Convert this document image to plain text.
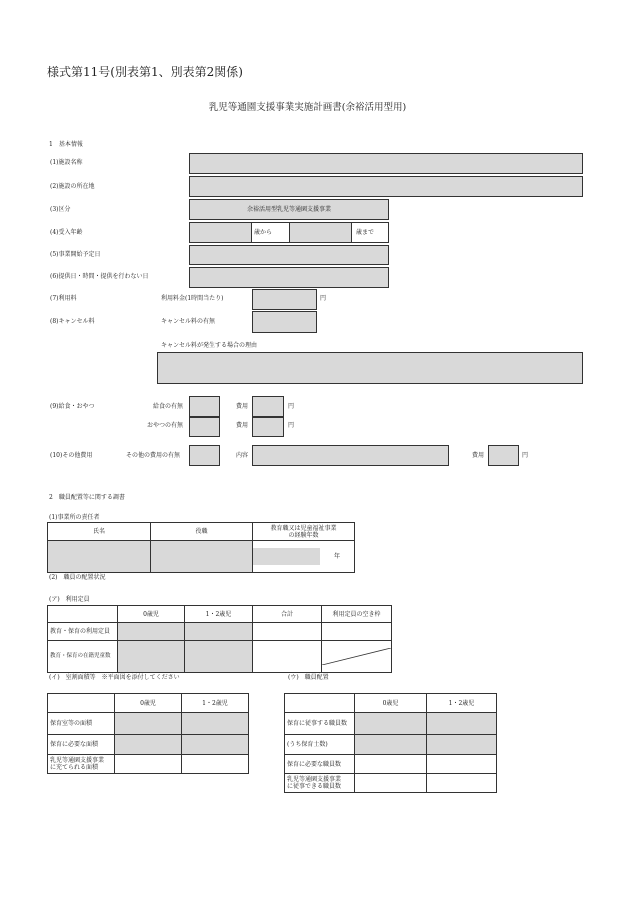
様式第11号(別表第1、別表第2関係)
乳児等通園支援事業実施計画書(余裕活用型用)
1　基本情報
(1)施設名称
(2)施設の所在地
(3)区分	余裕活用型乳児等通園支援事業
(4)受入年齢	歳から	歳まで
(5)事業開始予定日
(6)提供日・時間・提供を行わない日
(7)利用料	利用料金(1時間当たり)	円
(8)キャンセル料	キャンセル料の有無
キャンセル料が発生する場合の理由
(9)給食・おやつ	給食の有無	費用	円
おやつの有無	費用	円
(10)その他費用	その他の費用の有無	内容	費用	円
2　職員配置等に関する調書
(1)事業所の責任者
氏名	役職	教育職又は児童福祉事業
の経験年数

年

(2)　職員の配置状況
(ア)　利用定員
	0歳児	1・2歳児	合計	利用定員の空き枠
教育・保育の利用定員				
教育・保育の在籍児童数				

(イ)　室割面積等　※平面図を添付してください	(ウ)　職員配置
	0歳児	1・2歳児
保育室等の面積		
保育に必要な面積		
乳児等通園支援事業
に充てられる面積		
	0歳児	1・2歳児
保育に従事する職員数		
(うち保育士数)		
保育に必要な職員数		
乳児等通園支援事業
に従事できる職員数		
